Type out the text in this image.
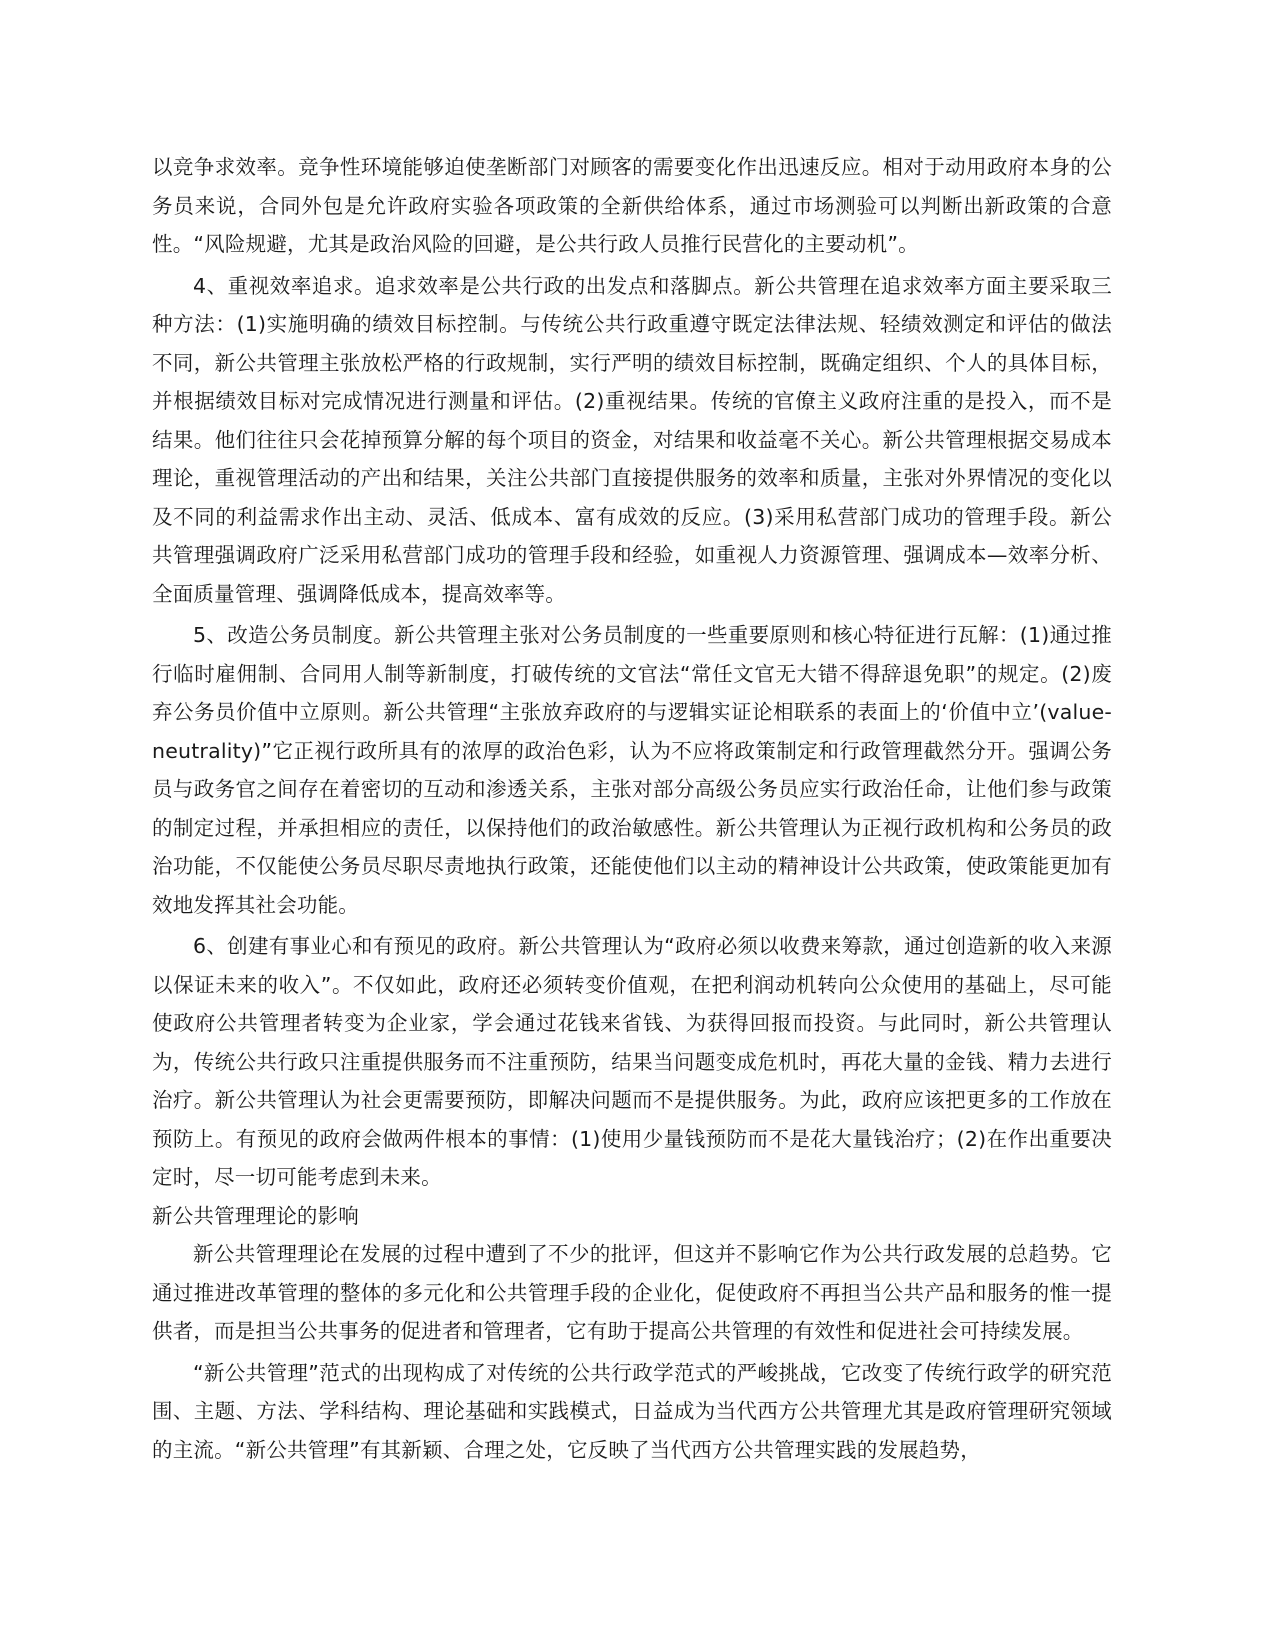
以竞争求效率。竞争性环境能够迫使垄断部门对顾客的需要变化作出迅速反应。相对于动用政府本身的公务员来说，合同外包是允许政府实验各项政策的全新供给体系，通过市场测验可以判断出新政策的合意性。“风险规避，尤其是政治风险的回避，是公共行政人员推行民营化的主要动机”。

4、重视效率追求。追求效率是公共行政的出发点和落脚点。新公共管理在追求效率方面主要采取三种方法：(1)实施明确的绩效目标控制。与传统公共行政重遵守既定法律法规、轻绩效测定和评估的做法不同，新公共管理主张放松严格的行政规制，实行严明的绩效目标控制，既确定组织、个人的具体目标，并根据绩效目标对完成情况进行测量和评估。(2)重视结果。传统的官僚主义政府注重的是投入，而不是结果。他们往往只会花掉预算分解的每个项目的资金，对结果和收益毫不关心。新公共管理根据交易成本理论，重视管理活动的产出和结果，关注公共部门直接提供服务的效率和质量，主张对外界情况的变化以及不同的利益需求作出主动、灵活、低成本、富有成效的反应。(3)采用私营部门成功的管理手段。新公共管理强调政府广泛采用私营部门成功的管理手段和经验，如重视人力资源管理、强调成本—效率分析、全面质量管理、强调降低成本，提高效率等。

5、改造公务员制度。新公共管理主张对公务员制度的一些重要原则和核心特征进行瓦解：(1)通过推行临时雇佣制、合同用人制等新制度，打破传统的文官法“常任文官无大错不得辞退免职”的规定。(2)废弃公务员价值中立原则。新公共管理“主张放弃政府的与逻辑实证论相联系的表面上的‘价值中立’(value-neutrality)”它正视行政所具有的浓厚的政治色彩，认为不应将政策制定和行政管理截然分开。强调公务员与政务官之间存在着密切的互动和渗透关系，主张对部分高级公务员应实行政治任命，让他们参与政策的制定过程，并承担相应的责任，以保持他们的政治敏感性。新公共管理认为正视行政机构和公务员的政治功能，不仅能使公务员尽职尽责地执行政策，还能使他们以主动的精神设计公共政策，使政策能更加有效地发挥其社会功能。

6、创建有事业心和有预见的政府。新公共管理认为“政府必须以收费来筹款，通过创造新的收入来源以保证未来的收入”。不仅如此，政府还必须转变价值观，在把利润动机转向公众使用的基础上，尽可能使政府公共管理者转变为企业家，学会通过花钱来省钱、为获得回报而投资。与此同时，新公共管理认为，传统公共行政只注重提供服务而不注重预防，结果当问题变成危机时，再花大量的金钱、精力去进行治疗。新公共管理认为社会更需要预防，即解决问题而不是提供服务。为此，政府应该把更多的工作放在预防上。有预见的政府会做两件根本的事情：(1)使用少量钱预防而不是花大量钱治疗；(2)在作出重要决定时，尽一切可能考虑到未来。

新公共管理理论的影响

新公共管理理论在发展的过程中遭到了不少的批评，但这并不影响它作为公共行政发展的总趋势。它通过推进改革管理的整体的多元化和公共管理手段的企业化，促使政府不再担当公共产品和服务的惟一提供者，而是担当公共事务的促进者和管理者，它有助于提高公共管理的有效性和促进社会可持续发展。

“新公共管理”范式的出现构成了对传统的公共行政学范式的严峻挑战，它改变了传统行政学的研究范围、主题、方法、学科结构、理论基础和实践模式，日益成为当代西方公共管理尤其是政府管理研究领域的主流。“新公共管理”有其新颖、合理之处，它反映了当代西方公共管理实践的发展趋势，
